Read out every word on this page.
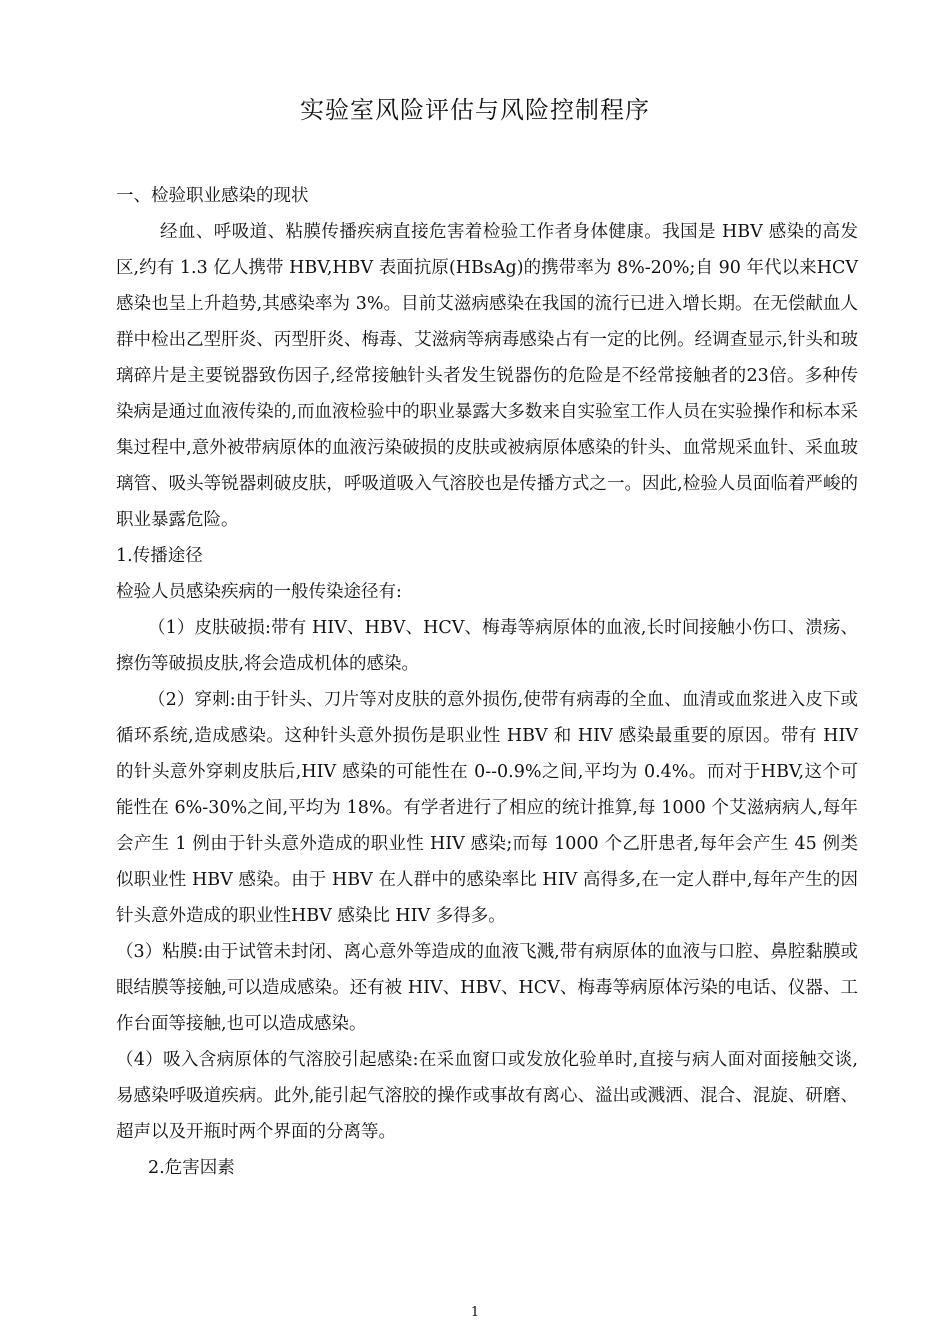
实验室风险评估与风险控制程序

一、检验职业感染的现状

经血、呼吸道、粘膜传播疾病直接危害着检验工作者身体健康。我国是 HBV 感染的高发区,约有 1.3 亿人携带 HBV,HBV 表面抗原(HBsAg)的携带率为 8%-20%;自 90 年代以来HCV 感染也呈上升趋势,其感染率为 3%。目前艾滋病感染在我国的流行已进入增长期。在无偿献血人群中检出乙型肝炎、丙型肝炎、梅毒、艾滋病等病毒感染占有一定的比例。经调查显示,针头和玻璃碎片是主要锐器致伤因子,经常接触针头者发生锐器伤的危险是不经常接触者的23倍。多种传染病是通过血液传染的,而血液检验中的职业暴露大多数来自实验室工作人员在实验操作和标本采集过程中,意外被带病原体的血液污染破损的皮肤或被病原体感染的针头、血常规采血针、采血玻璃管、吸头等锐器刺破皮肤，呼吸道吸入气溶胶也是传播方式之一。因此,检验人员面临着严峻的职业暴露危险。

1.传播途径

检验人员感染疾病的一般传染途径有:

（1）皮肤破损:带有 HIV、HBV、HCV、梅毒等病原体的血液,长时间接触小伤口、溃疡、擦伤等破损皮肤,将会造成机体的感染。

（2）穿刺:由于针头、刀片等对皮肤的意外损伤,使带有病毒的全血、血清或血浆进入皮下或循环系统,造成感染。这种针头意外损伤是职业性 HBV 和 HIV 感染最重要的原因。带有 HIV 的针头意外穿刺皮肤后,HIV 感染的可能性在 0--0.9%之间,平均为 0.4%。而对于HBV,这个可能性在 6%-30%之间,平均为 18%。有学者进行了相应的统计推算,每 1000 个艾滋病病人,每年会产生 1 例由于针头意外造成的职业性 HIV 感染;而每 1000 个乙肝患者,每年会产生 45 例类似职业性 HBV 感染。由于 HBV 在人群中的感染率比 HIV 高得多,在一定人群中,每年产生的因针头意外造成的职业性HBV 感染比 HIV 多得多。

（3）粘膜:由于试管未封闭、离心意外等造成的血液飞溅,带有病原体的血液与口腔、鼻腔黏膜或眼结膜等接触,可以造成感染。还有被 HIV、HBV、HCV、梅毒等病原体污染的电话、仪器、工作台面等接触,也可以造成感染。

（4）吸入含病原体的气溶胶引起感染:在采血窗口或发放化验单时,直接与病人面对面接触交谈,易感染呼吸道疾病。此外,能引起气溶胶的操作或事故有离心、溢出或溅洒、混合、混旋、研磨、超声以及开瓶时两个界面的分离等。

2.危害因素

1
